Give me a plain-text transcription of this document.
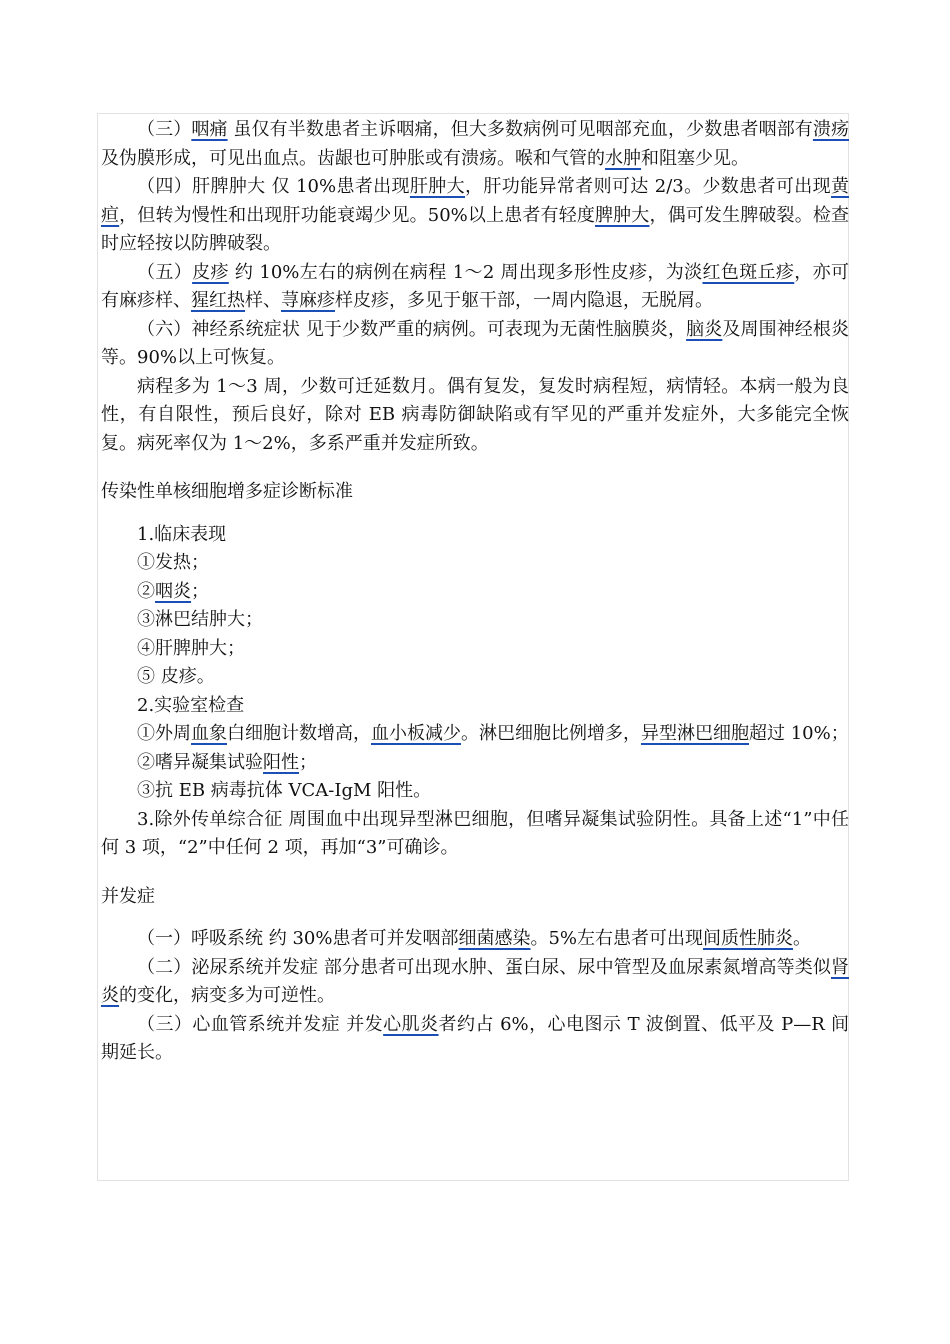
（三）咽痛 虽仅有半数患者主诉咽痛，但大多数病例可见咽部充血，少数患者咽部有溃疡及伪膜形成，可见出血点。齿龈也可肿胀或有溃疡。喉和气管的水肿和阻塞少见。

（四）肝脾肿大 仅 10%患者出现肝肿大，肝功能异常者则可达 2/3。少数患者可出现黄疸，但转为慢性和出现肝功能衰竭少见。50%以上患者有轻度脾肿大，偶可发生脾破裂。检查时应轻按以防脾破裂。

（五）皮疹 约 10%左右的病例在病程 1～2 周出现多形性皮疹，为淡红色斑丘疹，亦可有麻疹样、猩红热样、荨麻疹样皮疹，多见于躯干部，一周内隐退，无脱屑。

（六）神经系统症状 见于少数严重的病例。可表现为无菌性脑膜炎，脑炎及周围神经根炎等。90%以上可恢复。

病程多为 1～3 周，少数可迁延数月。偶有复发，复发时病程短，病情轻。本病一般为良性，有自限性，预后良好，除对 EB 病毒防御缺陷或有罕见的严重并发症外，大多能完全恢复。病死率仅为 1～2%，多系严重并发症所致。

传染性单核细胞增多症诊断标准

1.临床表现

①发热；

②咽炎；

③淋巴结肿大；

④肝脾肿大；

⑤ 皮疹。

2.实验室检查

①外周血象白细胞计数增高，血小板减少。淋巴细胞比例增多，异型淋巴细胞超过 10%；

②嗜异凝集试验阳性；

③抗 EB 病毒抗体 VCA-IgM 阳性。

3.除外传单综合征 周围血中出现异型淋巴细胞，但嗜异凝集试验阴性。具备上述“1”中任何 3 项，“2”中任何 2 项，再加“3”可确诊。

并发症

（一）呼吸系统 约 30%患者可并发咽部细菌感染。5%左右患者可出现间质性肺炎。

（二）泌尿系统并发症 部分患者可出现水肿、蛋白尿、尿中管型及血尿素氮增高等类似肾炎的变化，病变多为可逆性。

（三）心血管系统并发症 并发心肌炎者约占 6%，心电图示 T 波倒置、低平及 P—R 间期延长。
